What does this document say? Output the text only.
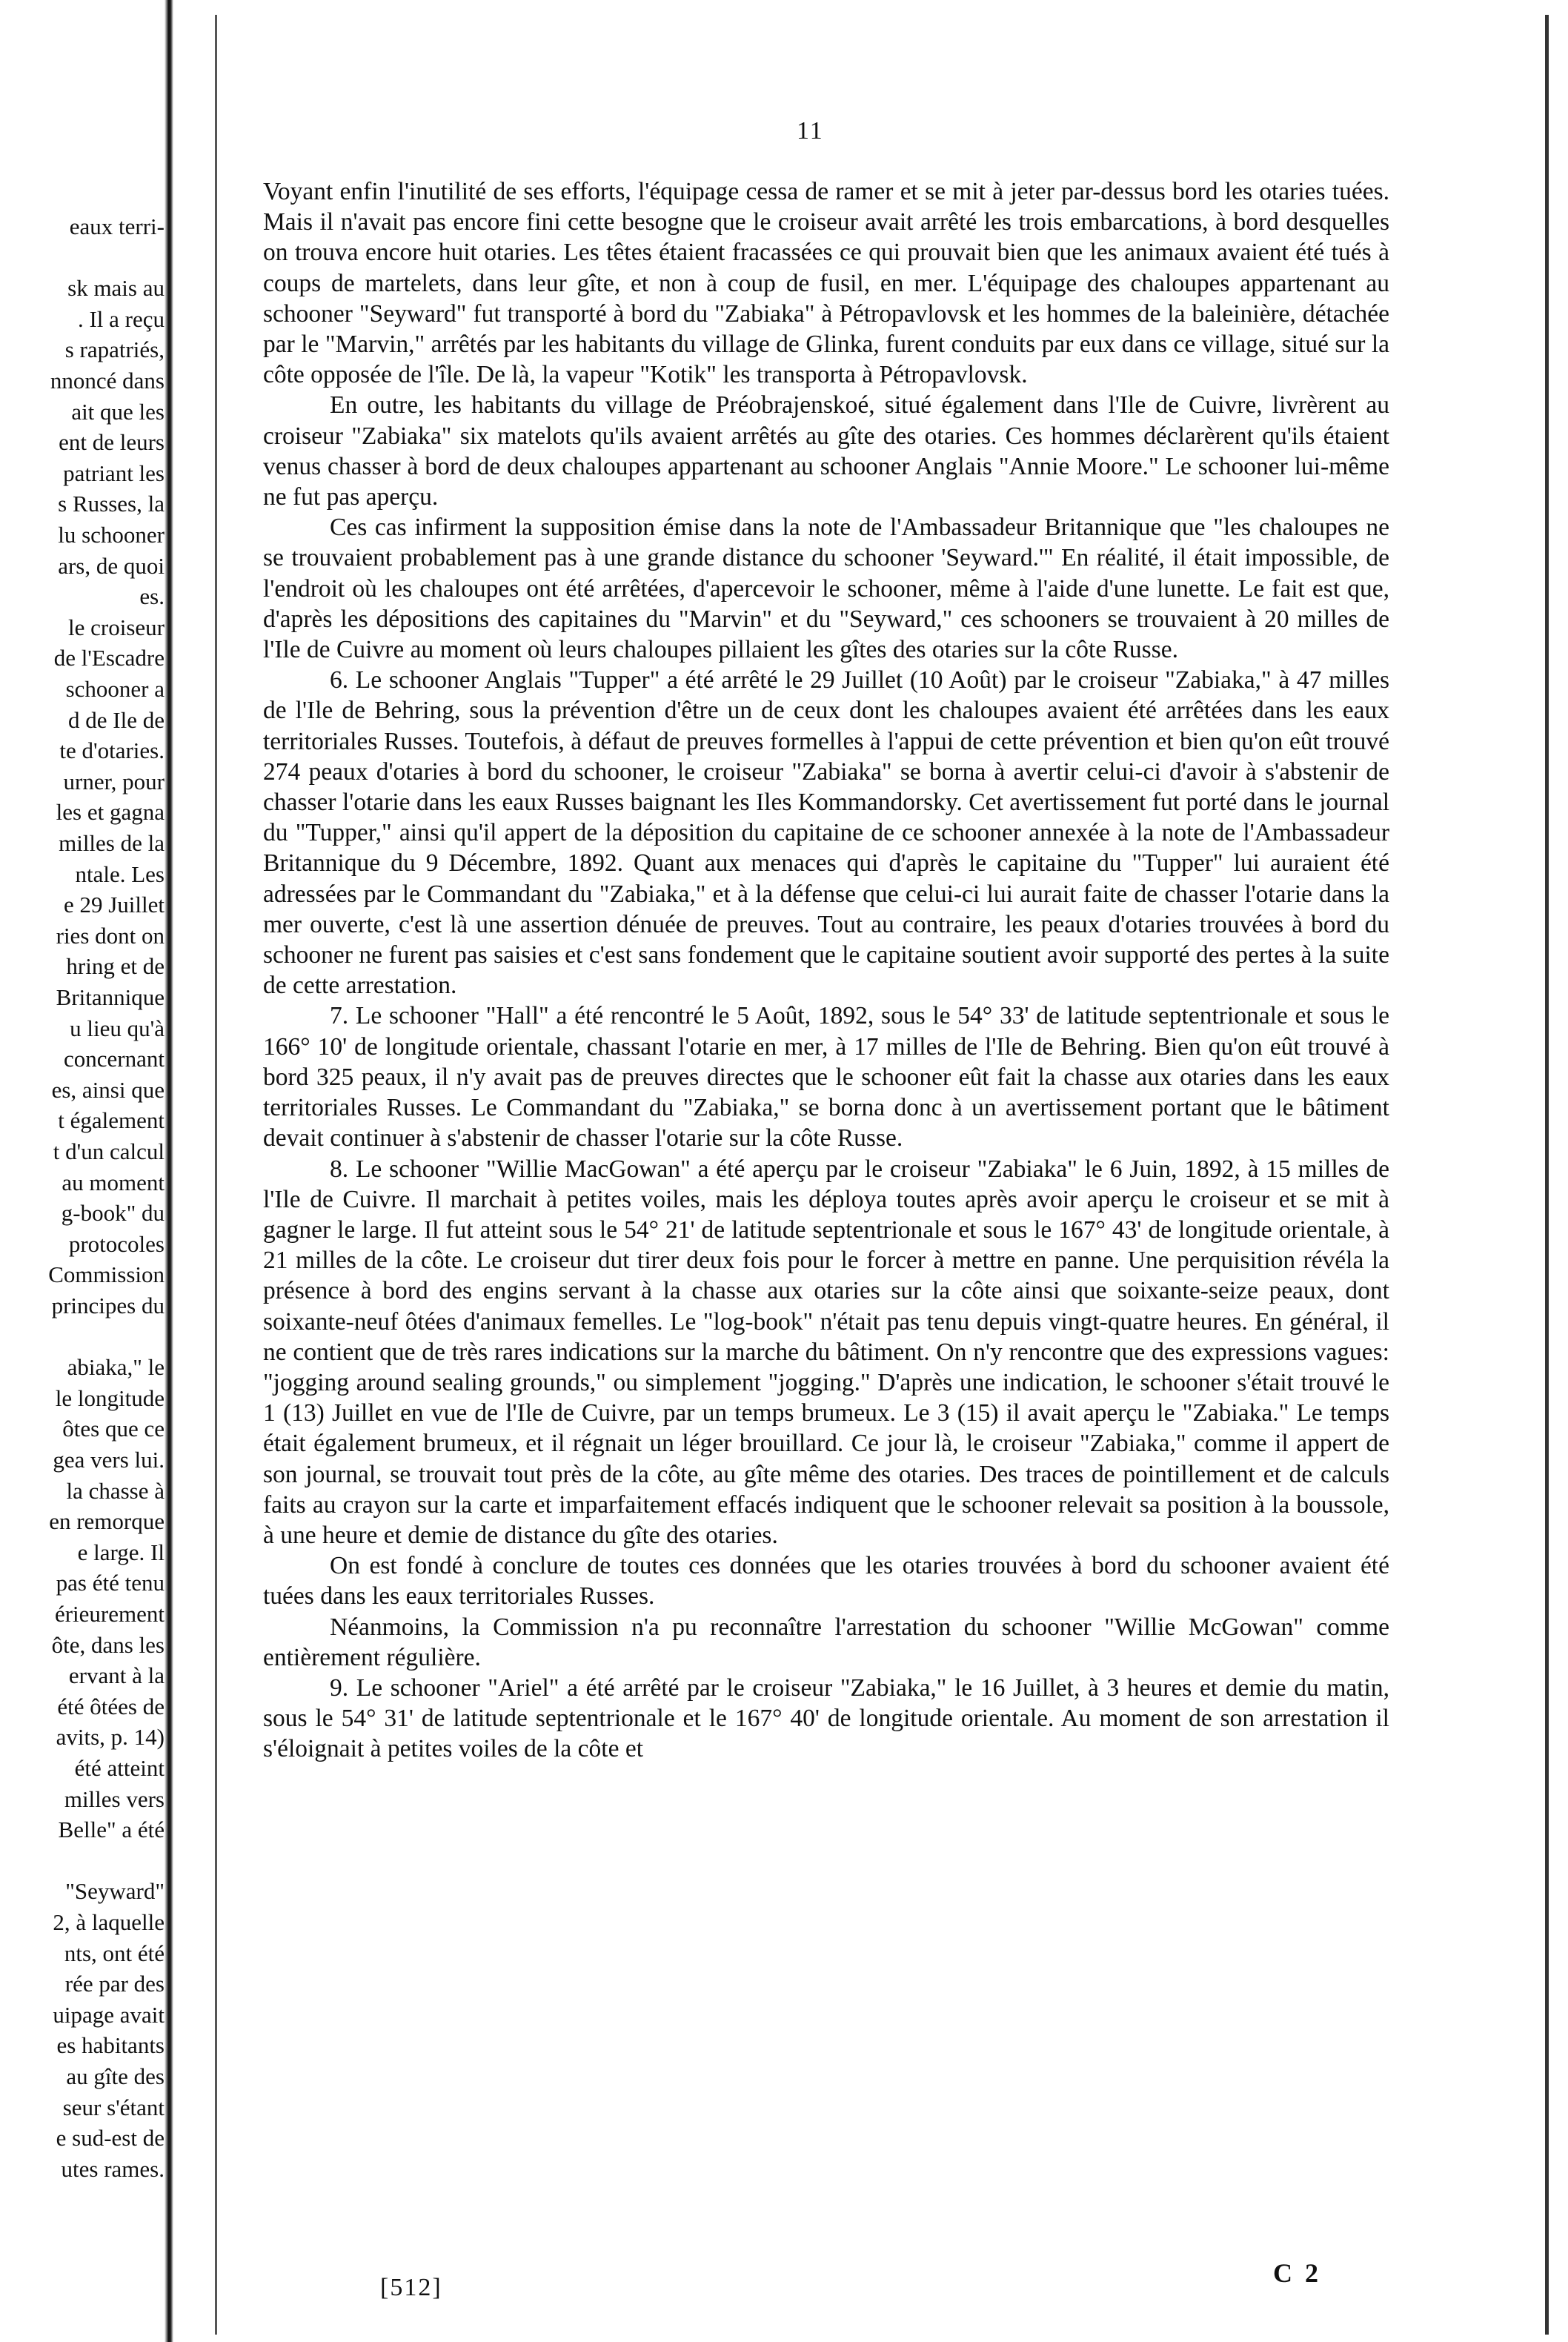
eaux terri-
sk mais au
. Il a reçu
s rapatriés,
nnoncé dans
ait que les
ent de leurs
patriant les
s Russes, la
lu schooner
ars, de quoi
es.
le croiseur
de l'Escadre
schooner a
d de Ile de
te d'otaries.
urner, pour
les et gagna
milles de la
ntale. Les
e 29 Juillet
ries dont on
hring et de
Britannique
u lieu qu'à
concernant
es, ainsi que
t également
t d'un calcul
au moment
g-book" du
protocoles
Commission
principes du
abiaka," le
le longitude
ôtes que ce
gea vers lui.
la chasse à
en remorque
e large. Il
pas été tenu
érieurement
ôte, dans les
ervant à la
été ôtées de
avits, p. 14)
été atteint
milles vers
Belle" a été
"Seyward"
2, à laquelle
nts, ont été
rée par des
uipage avait
es habitants
au gîte des
seur s'étant
e sud-est de
utes rames.
11

Voyant enfin l'inutilité de ses efforts, l'équipage cessa de ramer et se mit à jeter par-dessus bord les otaries tuées. Mais il n'avait pas encore fini cette besogne que le croiseur avait arrêté les trois embarcations, à bord desquelles on trouva encore huit otaries. Les têtes étaient fracassées ce qui prouvait bien que les animaux avaient été tués à coups de martelets, dans leur gîte, et non à coup de fusil, en mer. L'équipage des chaloupes appartenant au schooner "Seyward" fut transporté à bord du "Zabiaka" à Pétropavlovsk et les hommes de la baleinière, détachée par le "Marvin," arrêtés par les habitants du village de Glinka, furent conduits par eux dans ce village, situé sur la côte opposée de l'île. De là, la vapeur "Kotik" les transporta à Pétropavlovsk.

En outre, les habitants du village de Préobrajenskoé, situé également dans l'Ile de Cuivre, livrèrent au croiseur "Zabiaka" six matelots qu'ils avaient arrêtés au gîte des otaries. Ces hommes déclarèrent qu'ils étaient venus chasser à bord de deux chaloupes appartenant au schooner Anglais "Annie Moore." Le schooner lui-même ne fut pas aperçu.

Ces cas infirment la supposition émise dans la note de l'Ambassadeur Britannique que "les chaloupes ne se trouvaient probablement pas à une grande distance du schooner 'Seyward.'" En réalité, il était impossible, de l'endroit où les chaloupes ont été arrêtées, d'apercevoir le schooner, même à l'aide d'une lunette. Le fait est que, d'après les dépositions des capitaines du "Marvin" et du "Seyward," ces schooners se trouvaient à 20 milles de l'Ile de Cuivre au moment où leurs chaloupes pillaient les gîtes des otaries sur la côte Russe.

6. Le schooner Anglais "Tupper" a été arrêté le 29 Juillet (10 Août) par le croiseur "Zabiaka," à 47 milles de l'Ile de Behring, sous la prévention d'être un de ceux dont les chaloupes avaient été arrêtées dans les eaux territoriales Russes. Toutefois, à défaut de preuves formelles à l'appui de cette prévention et bien qu'on eût trouvé 274 peaux d'otaries à bord du schooner, le croiseur "Zabiaka" se borna à avertir celui-ci d'avoir à s'abstenir de chasser l'otarie dans les eaux Russes baignant les Iles Kommandorsky. Cet avertissement fut porté dans le journal du "Tupper," ainsi qu'il appert de la déposition du capitaine de ce schooner annexée à la note de l'Ambassadeur Britannique du 9 Décembre, 1892. Quant aux menaces qui d'après le capitaine du "Tupper" lui auraient été adressées par le Commandant du "Zabiaka," et à la défense que celui-ci lui aurait faite de chasser l'otarie dans la mer ouverte, c'est là une assertion dénuée de preuves. Tout au contraire, les peaux d'otaries trouvées à bord du schooner ne furent pas saisies et c'est sans fondement que le capitaine soutient avoir supporté des pertes à la suite de cette arrestation.

7. Le schooner "Hall" a été rencontré le 5 Août, 1892, sous le 54° 33' de latitude septentrionale et sous le 166° 10' de longitude orientale, chassant l'otarie en mer, à 17 milles de l'Ile de Behring. Bien qu'on eût trouvé à bord 325 peaux, il n'y avait pas de preuves directes que le schooner eût fait la chasse aux otaries dans les eaux territoriales Russes. Le Commandant du "Zabiaka," se borna donc à un avertissement portant que le bâtiment devait continuer à s'abstenir de chasser l'otarie sur la côte Russe.

8. Le schooner "Willie MacGowan" a été aperçu par le croiseur "Zabiaka" le 6 Juin, 1892, à 15 milles de l'Ile de Cuivre. Il marchait à petites voiles, mais les déploya toutes après avoir aperçu le croiseur et se mit à gagner le large. Il fut atteint sous le 54° 21' de latitude septentrionale et sous le 167° 43' de longitude orientale, à 21 milles de la côte. Le croiseur dut tirer deux fois pour le forcer à mettre en panne. Une perquisition révéla la présence à bord des engins servant à la chasse aux otaries sur la côte ainsi que soixante-seize peaux, dont soixante-neuf ôtées d'animaux femelles. Le "log-book" n'était pas tenu depuis vingt-quatre heures. En général, il ne contient que de très rares indications sur la marche du bâtiment. On n'y rencontre que des expressions vagues: "jogging around sealing grounds," ou simplement "jogging." D'après une indication, le schooner s'était trouvé le 1 (13) Juillet en vue de l'Ile de Cuivre, par un temps brumeux. Le 3 (15) il avait aperçu le "Zabiaka." Le temps était également brumeux, et il régnait un léger brouillard. Ce jour là, le croiseur "Zabiaka," comme il appert de son journal, se trouvait tout près de la côte, au gîte même des otaries. Des traces de pointillement et de calculs faits au crayon sur la carte et imparfaitement effacés indiquent que le schooner relevait sa position à la boussole, à une heure et demie de distance du gîte des otaries.

On est fondé à conclure de toutes ces données que les otaries trouvées à bord du schooner avaient été tuées dans les eaux territoriales Russes.

Néanmoins, la Commission n'a pu reconnaître l'arrestation du schooner "Willie McGowan" comme entièrement régulière.

9. Le schooner "Ariel" a été arrêté par le croiseur "Zabiaka," le 16 Juillet, à 3 heures et demie du matin, sous le 54° 31' de latitude septentrionale et le 167° 40' de longitude orientale. Au moment de son arrestation il s'éloignait à petites voiles de la côte et

[512]	C 2
